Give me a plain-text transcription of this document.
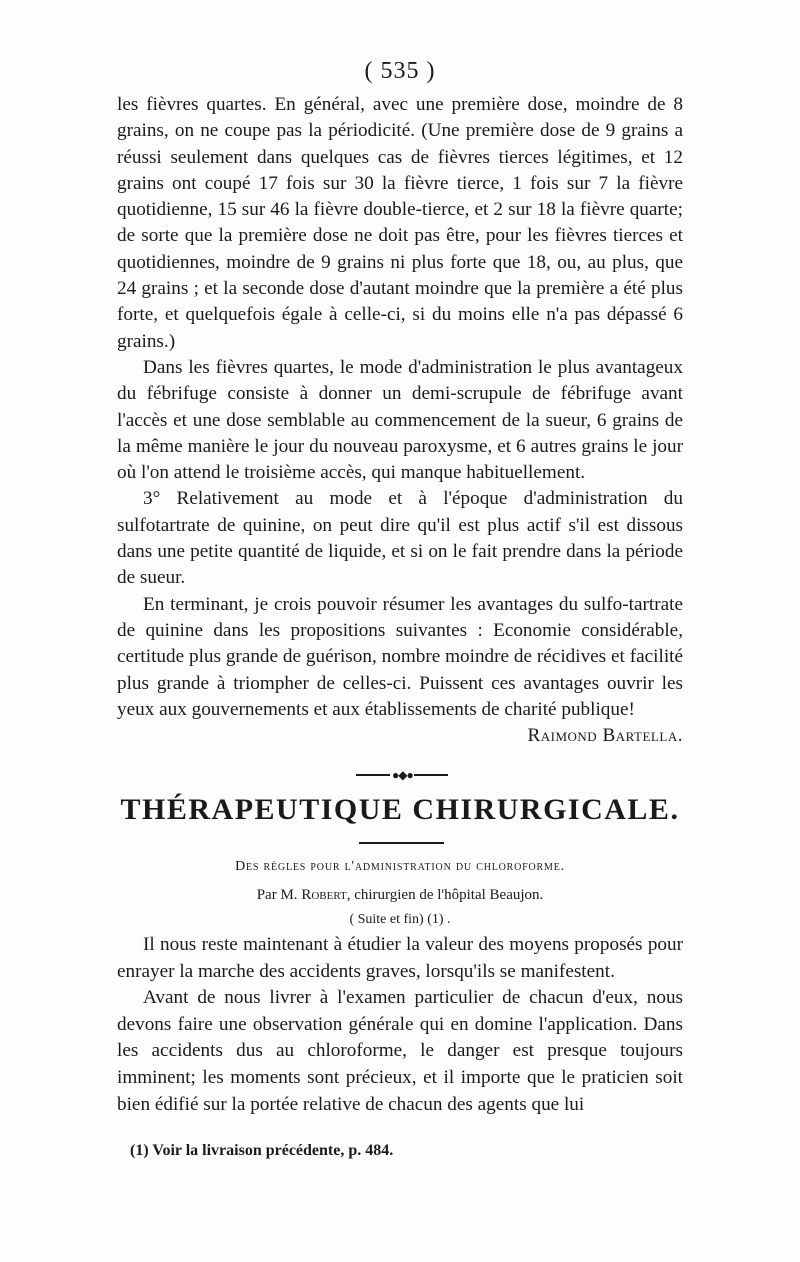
( 535 )

les fièvres quartes. En général, avec une première dose, moindre de 8 grains, on ne coupe pas la périodicité. (Une première dose de 9 grains a réussi seulement dans quelques cas de fièvres tierces légitimes, et 12 grains ont coupé 17 fois sur 30 la fièvre tierce, 1 fois sur 7 la fièvre quotidienne, 15 sur 46 la fièvre double-tierce, et 2 sur 18 la fièvre quarte; de sorte que la première dose ne doit pas être, pour les fièvres tierces et quotidiennes, moindre de 9 grains ni plus forte que 18, ou, au plus, que 24 grains ; et la seconde dose d'autant moindre que la première a été plus forte, et quelquefois égale à celle-ci, si du moins elle n'a pas dépassé 6 grains.)

Dans les fièvres quartes, le mode d'administration le plus avantageux du fébrifuge consiste à donner un demi-scrupule de fébrifuge avant l'accès et une dose semblable au commencement de la sueur, 6 grains de la même manière le jour du nouveau paroxysme, et 6 autres grains le jour où l'on attend le troisième accès, qui manque habituellement.

3° Relativement au mode et à l'époque d'administration du sulfotartrate de quinine, on peut dire qu'il est plus actif s'il est dissous dans une petite quantité de liquide, et si on le fait prendre dans la période de sueur.

En terminant, je crois pouvoir résumer les avantages du sulfo-tartrate de quinine dans les propositions suivantes : Economie considérable, certitude plus grande de guérison, nombre moindre de récidives et facilité plus grande à triompher de celles-ci. Puissent ces avantages ouvrir les yeux aux gouvernements et aux établissements de charité publique!

Raimond Bartella.
●◆●
THÉRAPEUTIQUE CHIRURGICALE.
Des règles pour l'administration du chloroforme.
Par M. Robert, chirurgien de l'hôpital Beaujon.
( Suite et fin) (1) .

Il nous reste maintenant à étudier la valeur des moyens proposés pour enrayer la marche des accidents graves, lorsqu'ils se manifestent.

Avant de nous livrer à l'examen particulier de chacun d'eux, nous devons faire une observation générale qui en domine l'application. Dans les accidents dus au chloroforme, le danger est presque toujours imminent; les moments sont précieux, et il importe que le praticien soit bien édifié sur la portée relative de chacun des agents que lui

(1) Voir la livraison précédente, p. 484.
